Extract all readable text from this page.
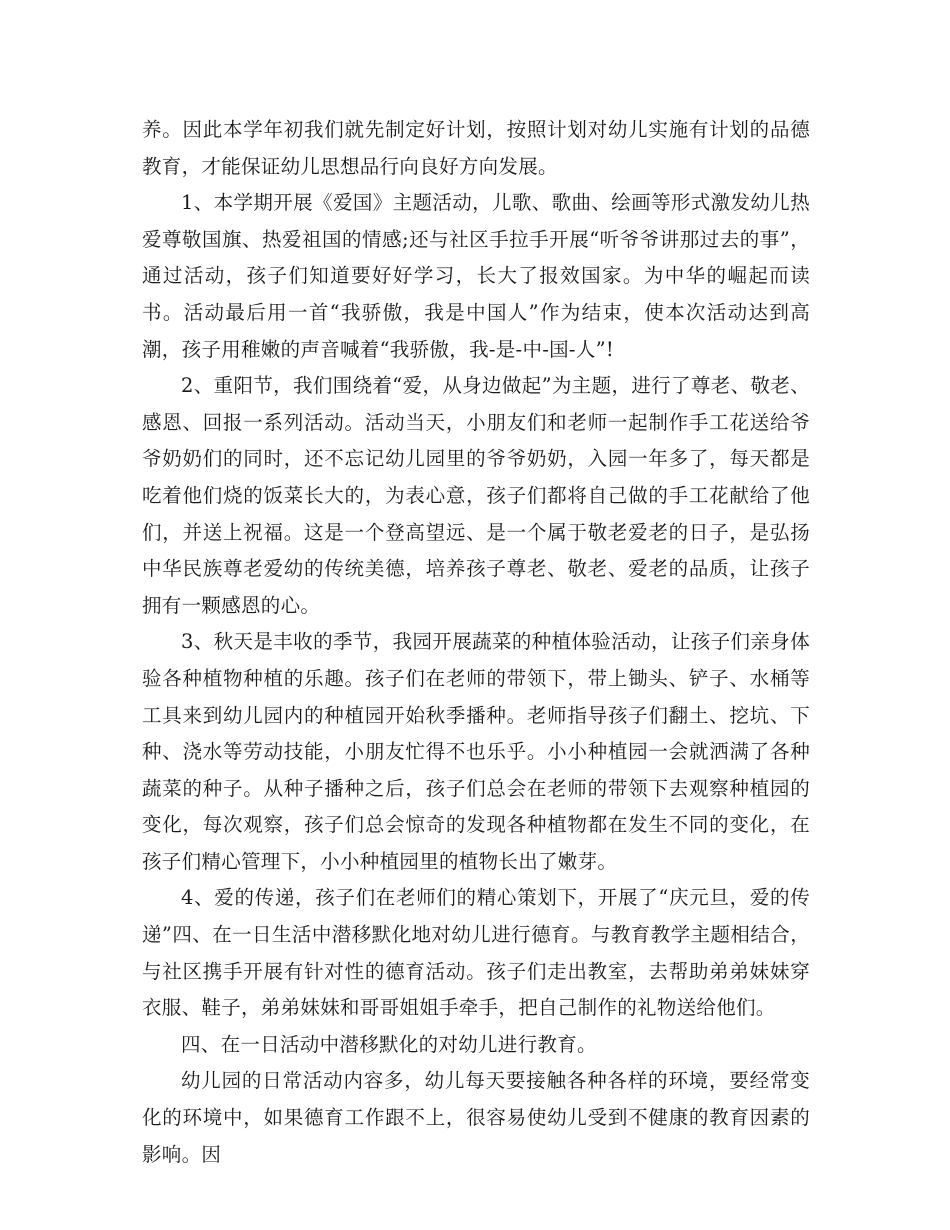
养。因此本学年初我们就先制定好计划，按照计划对幼儿实施有计划的品德教育，才能保证幼儿思想品行向良好方向发展。

1、本学期开展《爱国》主题活动，儿歌、歌曲、绘画等形式激发幼儿热爱尊敬国旗、热爱祖国的情感;还与社区手拉手开展“听爷爷讲那过去的事”，通过活动，孩子们知道要好好学习，长大了报效国家。为中华的崛起而读书。活动最后用一首“我骄傲，我是中国人”作为结束，使本次活动达到高潮，孩子用稚嫩的声音喊着“我骄傲，我-是-中-国-人”!

2、重阳节，我们围绕着“爱，从身边做起”为主题，进行了尊老、敬老、感恩、回报一系列活动。活动当天，小朋友们和老师一起制作手工花送给爷爷奶奶们的同时，还不忘记幼儿园里的爷爷奶奶，入园一年多了，每天都是吃着他们烧的饭菜长大的，为表心意，孩子们都将自己做的手工花献给了他们，并送上祝福。这是一个登高望远、是一个属于敬老爱老的日子，是弘扬中华民族尊老爱幼的传统美德，培养孩子尊老、敬老、爱老的品质，让孩子拥有一颗感恩的心。

3、秋天是丰收的季节，我园开展蔬菜的种植体验活动，让孩子们亲身体验各种植物种植的乐趣。孩子们在老师的带领下，带上锄头、铲子、水桶等工具来到幼儿园内的种植园开始秋季播种。老师指导孩子们翻土、挖坑、下种、浇水等劳动技能，小朋友忙得不也乐乎。小小种植园一会就洒满了各种蔬菜的种子。从种子播种之后，孩子们总会在老师的带领下去观察种植园的变化，每次观察，孩子们总会惊奇的发现各种植物都在发生不同的变化，在孩子们精心管理下，小小种植园里的植物长出了嫩芽。

4、爱的传递，孩子们在老师们的精心策划下，开展了“庆元旦，爱的传递”四、在一日生活中潜移默化地对幼儿进行德育。与教育教学主题相结合，与社区携手开展有针对性的德育活动。孩子们走出教室，去帮助弟弟妹妹穿衣服、鞋子，弟弟妹妹和哥哥姐姐手牵手，把自己制作的礼物送给他们。

四、在一日活动中潜移默化的对幼儿进行教育。

幼儿园的日常活动内容多，幼儿每天要接触各种各样的环境，要经常变化的环境中，如果德育工作跟不上，很容易使幼儿受到不健康的教育因素的影响。因
